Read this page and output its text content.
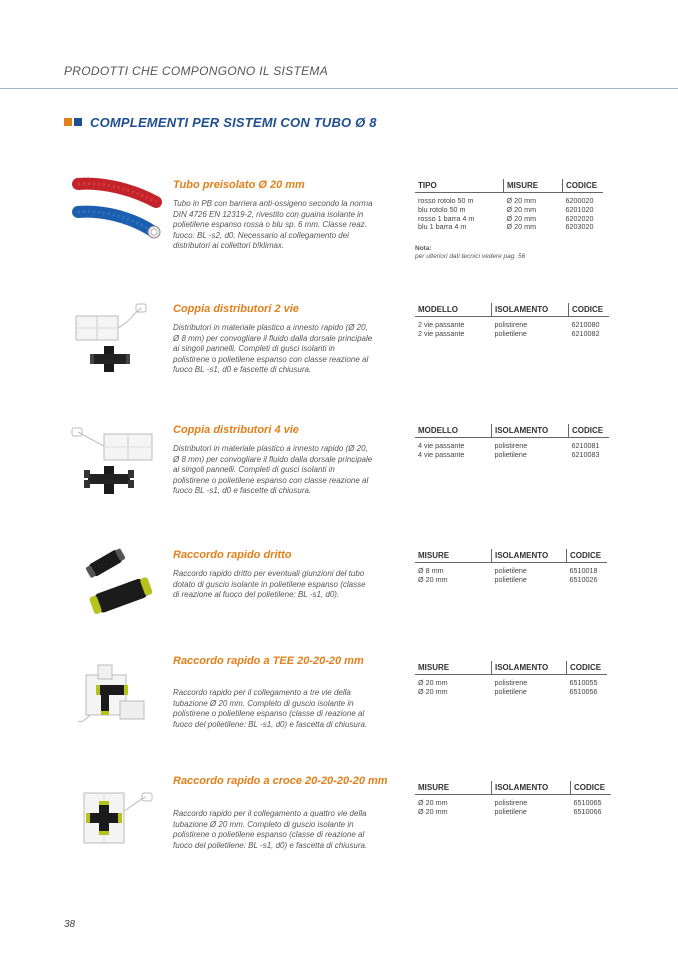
PRODOTTI CHE COMPONGONO IL SISTEMA
COMPLEMENTI PER SISTEMI CON TUBO Ø 8
Tubo preisolato Ø 20 mm
Tubo in PB con barriera anti-ossigeno secondo la norma DIN 4726 EN 12319-2, rivestito con guaina isolante in polietilene espanso rossa o blu sp. 6 mm. Classe reaz. fuoco: BL -s2, d0. Necessario al collegamento dei distributori ai collettori b!klimax.
TIPO	MISURE	CODICE
rosso rotolo 50 m	Ø 20 mm	6200020
blu rotolo 50 m	Ø 20 mm	6201020
rosso 1 barra 4 m	Ø 20 mm	6202020
blu 1 barra 4 m	Ø 20 mm	6203020
Nota:
per ulteriori dati tecnici vedere pag. 56
Coppia distributori 2 vie
Distributori in materiale plastico a innesto rapido (Ø 20, Ø 8 mm) per convogliare il fluido dalla dorsale principale ai singoli pannelli. Completi di gusci isolanti in polistirene o polietilene espanso con classe reazione al fuoco BL -s1, d0 e fascette di chiusura.
MODELLO	ISOLAMENTO	CODICE
2 vie passante	polistirene	6210080
2 vie passante	polietilene	6210082
Coppia distributori 4 vie
Distributori in materiale plastico a innesto rapido (Ø 20, Ø 8 mm) per convogliare il fluido dalla dorsale principale ai singoli pannelli. Completi di gusci isolanti in polistirene o polietilene espanso con classe reazione al fuoco BL -s1, d0 e fascette di chiusura.
MODELLO	ISOLAMENTO	CODICE
4 vie passante	polistirene	6210081
4 vie passante	polietilene	6210083
Raccordo rapido dritto
Raccordo rapido dritto per eventuali giunzioni del tubo dotato di guscio isolante in polietilene espanso (classe di reazione al fuoco del polietilene: BL -s1, d0).
MISURE	ISOLAMENTO	CODICE
Ø 8 mm	polietilene	6510018
Ø 20 mm	polietilene	6510026
Raccordo rapido a TEE 20-20-20 mm
Raccordo rapido per il collegamento a tre vie della tubazione Ø 20 mm. Completo di guscio isolante in polistirene o polietilene espanso (classe di reazione al fuoco del polietilene: BL -s1, d0) e fascetta di chiusura.
MISURE	ISOLAMENTO	CODICE
Ø 20 mm	polistirene	6510055
Ø 20 mm	polietilene	6510056
Raccordo rapido a croce 20-20-20-20 mm
Raccordo rapido per il collegamento a quattro vie della tubazione Ø 20 mm. Completo di guscio isolante in polistirene o polietilene espanso (classe di reazione al fuoco del polietilene: BL -s1, d0) e fascetta di chiusura.
MISURE	ISOLAMENTO	CODICE
Ø 20 mm	polistirene	6510065
Ø 20 mm	polietilene	6510066
38
